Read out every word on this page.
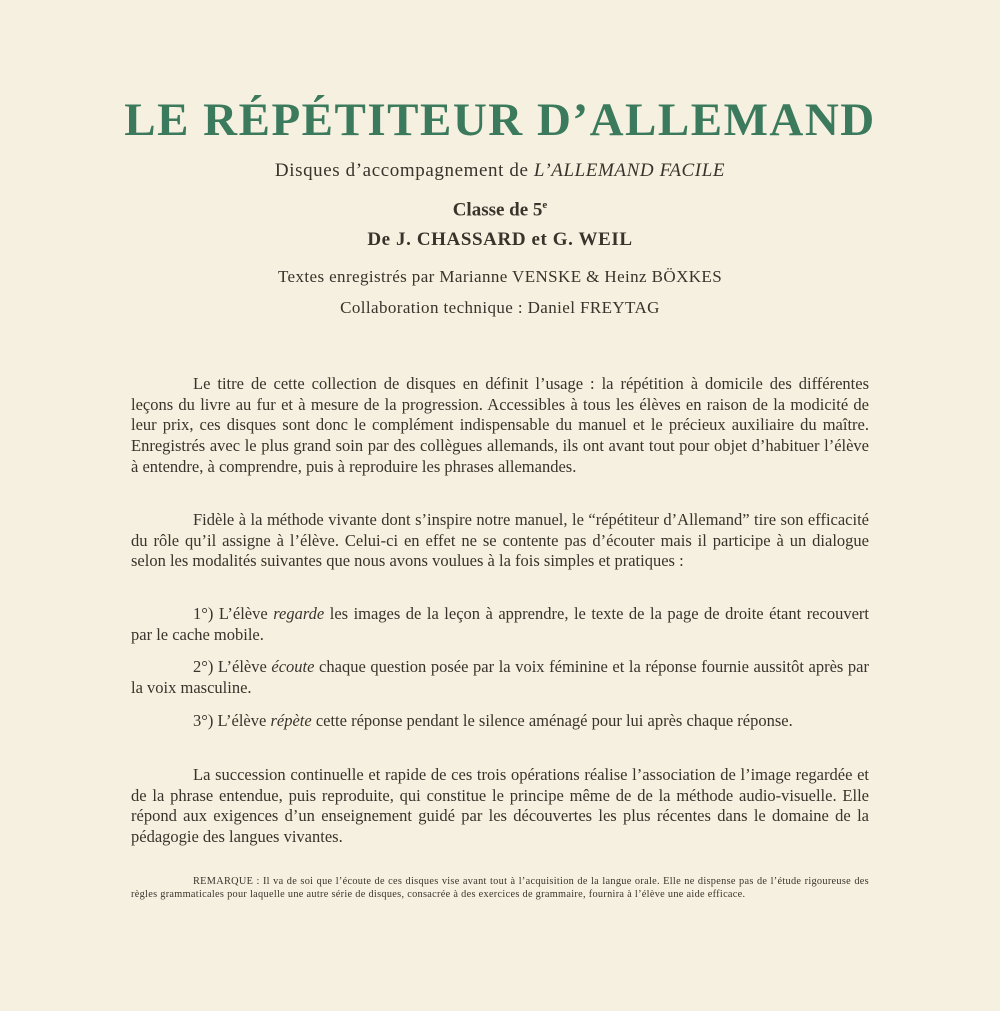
LE RÉPÉTITEUR D’ALLEMAND
Disques d’accompagnement de L’ALLEMAND FACILE
Classe de 5e
De J. CHASSARD et G. WEIL
Textes enregistrés par Marianne VENSKE & Heinz BÖXKES
Collaboration technique : Daniel FREYTAG

Le titre de cette collection de disques en définit l’usage : la répétition à domicile des différentes leçons du livre au fur et à mesure de la progression. Accessibles à tous les élèves en raison de la modicité de leur prix, ces disques sont donc le complément indispensable du manuel et le précieux auxiliaire du maître. Enregistrés avec le plus grand soin par des collègues allemands, ils ont avant tout pour objet d’habituer l’élève à entendre, à comprendre, puis à reproduire les phrases allemandes.

Fidèle à la méthode vivante dont s’inspire notre manuel, le “répétiteur d’Allemand” tire son efficacité du rôle qu’il assigne à l’élève. Celui-ci en effet ne se contente pas d’écouter mais il participe à un dialogue selon les modalités suivantes que nous avons voulues à la fois simples et pratiques :

1°) L’élève regarde les images de la leçon à apprendre, le texte de la page de droite étant recouvert par le cache mobile.

2°) L’élève écoute chaque question posée par la voix féminine et la réponse fournie aussitôt après par la voix masculine.

3°) L’élève répète cette réponse pendant le silence aménagé pour lui après chaque réponse.

La succession continuelle et rapide de ces trois opérations réalise l’association de l’image regardée et de la phrase entendue, puis reproduite, qui constitue le principe même de de la méthode audio-visuelle. Elle répond aux exigences d’un enseignement guidé par les découvertes les plus récentes dans le domaine de la pédagogie des langues vivantes.

REMARQUE : Il va de soi que l’écoute de ces disques vise avant tout à l’acquisition de la langue orale. Elle ne dispense pas de l’étude rigoureuse des règles grammaticales pour laquelle une autre série de disques, consacrée à des exercices de grammaire, fournira à l’élève une aide efficace.
